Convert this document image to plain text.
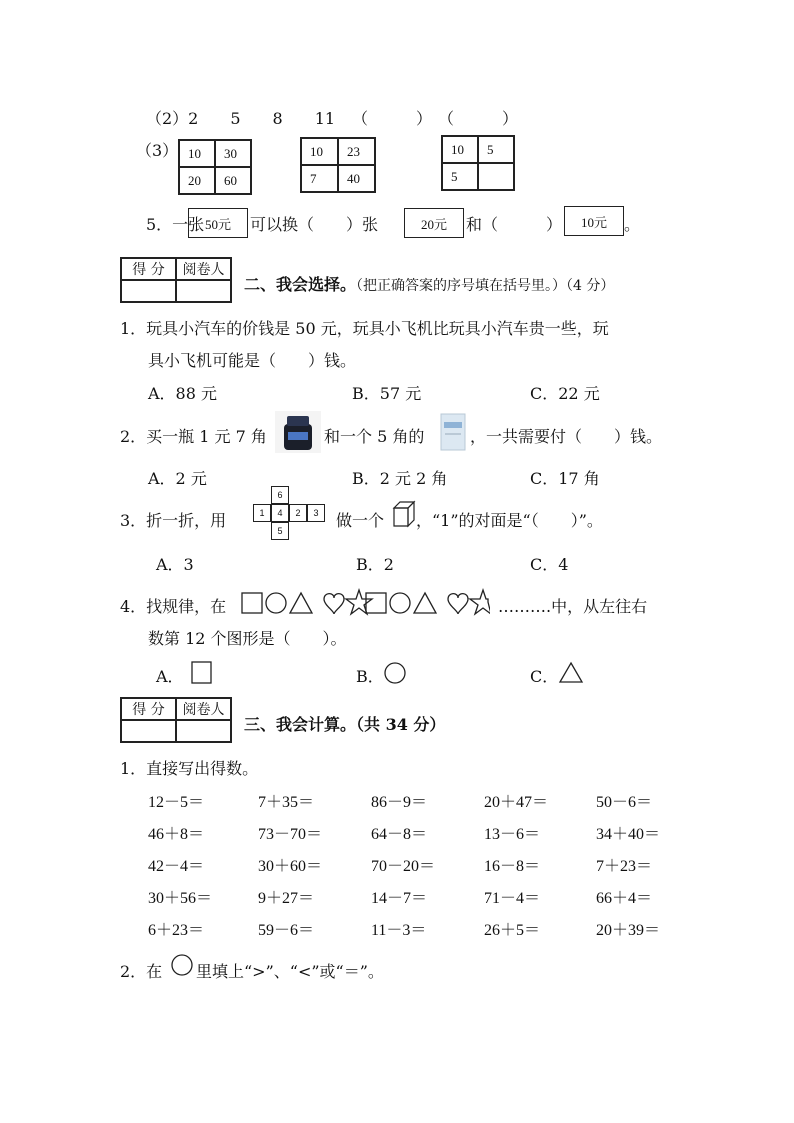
（2）2　　5　　8　　11 （　　　） （　　　）
（3） 10	30
20	60
10	23
7	40
10	5
5
5．一张 50元	可以换（　　）张	20元	和（　　　）	10元	。
得 分	阅卷人
二、我会选择。（把正确答案的序号填在括号里。）（4 分）
1．玩具小汽车的价钱是 50 元，玩具小飞机比玩具小汽车贵一些，玩
具小飞机可能是（　　）钱。
A．88 元	B．57 元	C．22 元
2．买一瓶 1 元 7 角	和一个 5 角的	，一共需要付（　　）钱。
A．2 元	B．2 元 2 角	C．17 角
3．折一折，用
6
1	4	2	3
5
做一个 ，“1”的对面是“（　　）”。
A．3	B．2	C．4
4．找规律，在	……….中，从左往右
数第 12 个图形是（　　）。
A．	B．	C．
得 分	阅卷人
三、我会计算。（共 34 分）
1．直接写出得数。
12－5＝	7＋35＝	86－9＝	20＋47＝	50－6＝
46＋8＝	73－70＝	64－8＝	13－6＝	34＋40＝
42－4＝	30＋60＝	70－20＝	16－8＝	7＋23＝
30＋56＝	9＋27＝	14－7＝	71－4＝	66＋4＝
6＋23＝	59－6＝	11－3＝	26＋5＝	20＋39＝
2．在 里填上“>”、“<”或“＝”。
